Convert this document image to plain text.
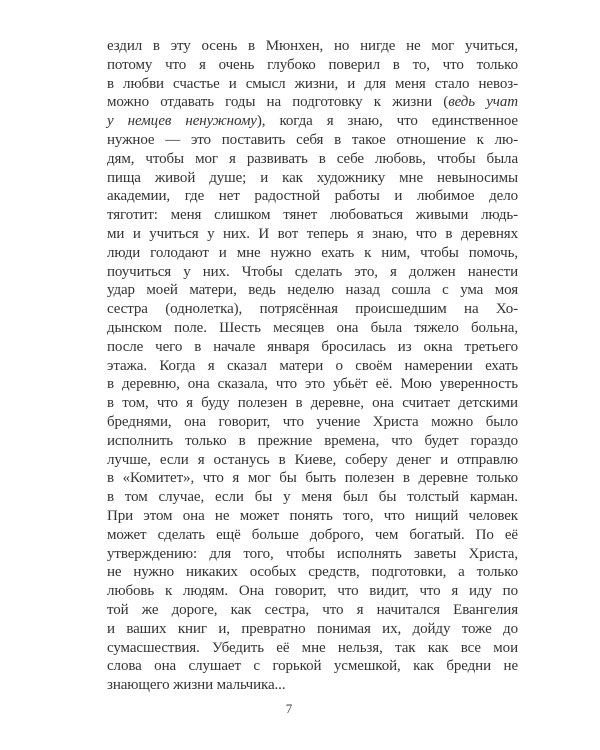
ездил в эту осень в Мюнхен, но нигде не мог учиться,
потому что я очень глубоко поверил в то, что только
в любви счастье и смысл жизни, и для меня стало невоз-
можно отдавать годы на подготовку к жизни (ведь учат
у немцев ненужному), когда я знаю, что единственное
нужное — это поставить себя в такое отношение к лю-
дям, чтобы мог я развивать в себе любовь, чтобы была
пища живой душе; и как художнику мне невыносимы
академии, где нет радостной работы и любимое дело
тяготит: меня слишком тянет любоваться живыми людь-
ми и учиться у них. И вот теперь я знаю, что в деревнях
люди голодают и мне нужно ехать к ним, чтобы помочь,
поучиться у них. Чтобы сделать это, я должен нанести
удар моей матери, ведь неделю назад сошла с ума моя
сестра (однолетка), потрясённая происшедшим на Хо-
дынском поле. Шесть месяцев она была тяжело больна,
после чего в начале января бросилась из окна третьего
этажа. Когда я сказал матери о своём намерении ехать
в деревню, она сказала, что это убьёт её. Мою уверенность
в том, что я буду полезен в деревне, она считает детскими
бреднями, она говорит, что учение Христа можно было
исполнить только в прежние времена, что будет гораздо
лучше, если я останусь в Киеве, соберу денег и отправлю
в «Комитет», что я мог бы быть полезен в деревне только
в том случае, если бы у меня был бы толстый карман.
При этом она не может понять того, что нищий человек
может сделать ещё больше доброго, чем богатый. По её
утверждению: для того, чтобы исполнять заветы Христа,
не нужно никаких особых средств, подготовки, а только
любовь к людям. Она говорит, что видит, что я иду по
той же дороге, как сестра, что я начитался Евангелия
и ваших книг и, превратно понимая их, дойду тоже до
сумасшествия. Убедить её мне нельзя, так как все мои
слова она слушает с горькой усмешкой, как бредни не
знающего жизни мальчика...
7
